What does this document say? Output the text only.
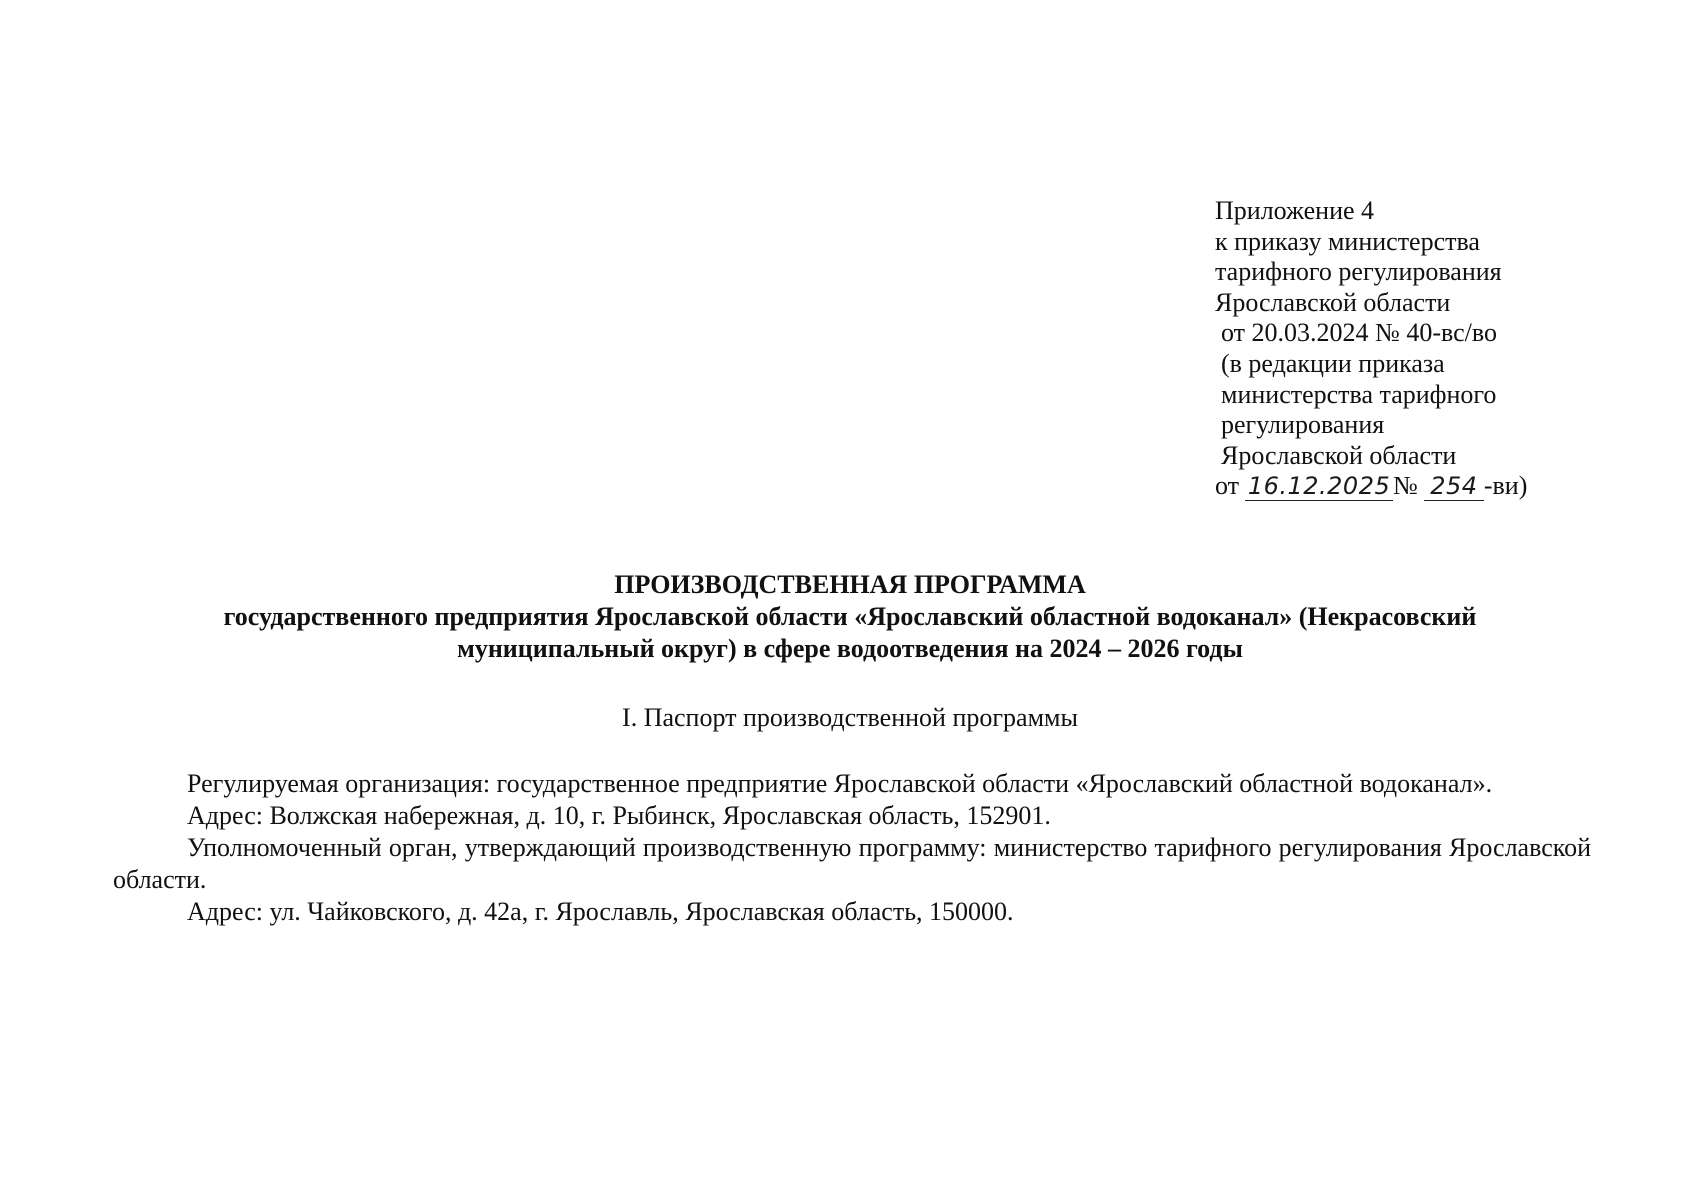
Приложение 4
к приказу министерства
тарифного регулирования
Ярославской области
от 20.03.2024 № 40-вс/во
(в редакции приказа
министерства тарифного
регулирования
Ярославской области
от 16.12.2025 № 254 -ви)
ПРОИЗВОДСТВЕННАЯ ПРОГРАММА
государственного предприятия Ярославской области «Ярославский областной водоканал» (Некрасовский
муниципальный округ) в сфере водоотведения на 2024 – 2026 годы
I. Паспорт производственной программы

Регулируемая организация: государственное предприятие Ярославской области «Ярославский областной водоканал».

Адрес: Волжская набережная, д. 10, г. Рыбинск, Ярославская область, 152901.

Уполномоченный орган, утверждающий производственную программу: министерство тарифного регулирования Ярославской области.

Адрес: ул. Чайковского, д. 42а, г. Ярославль, Ярославская область, 150000.
